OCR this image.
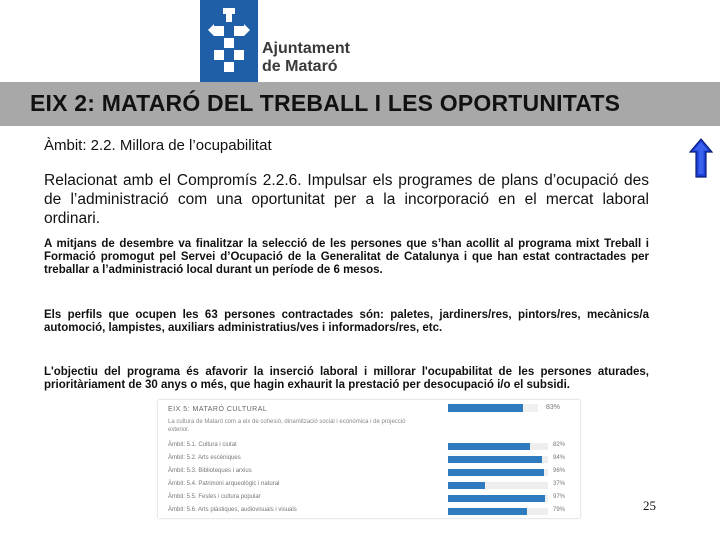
Ajuntament
de Mataró
EIX 2: MATARÓ DEL TREBALL I LES OPORTUNITATS
Àmbit: 2.2. Millora de l’ocupabilitat
Relacionat amb el Compromís 2.2.6. Impulsar els programes de plans d’ocupació des de l’administració com una oportunitat per a la incorporació en el mercat laboral ordinari.
A mitjans de desembre va finalitzar la selecció de les persones que s’han acollit al programa mixt Treball i Formació promogut pel Servei d’Ocupació de la Generalitat de Catalunya i que han estat contractades per treballar a l’administració local durant un període de 6 mesos.
Els perfils que ocupen les 63 persones contractades són: paletes, jardiners/res, pintors/res, mecànics/a automoció, lampistes, auxiliars administratius/ves i informadors/res, etc.
L'objectiu del programa és afavorir la inserció laboral i millorar l'ocupabilitat de les persones aturades, prioritàriament de 30 anys o més, que hagin exhaurit la prestació per desocupació i/o el subsidi.
EIX 5: MATARÓ CULTURAL	83%
La cultura de Mataró com a eix de cohesió, dinamització social i econòmica i de projecció exterior.
Àmbit: 5.1. Cultura i ciutat	82%
Àmbit: 5.2. Arts escèniques	94%
Àmbit: 5.3. Biblioteques i arxius	96%
Àmbit: 5.4. Patrimoni arqueològic i natural	37%
Àmbit: 5.5. Festes i cultura popular	97%
Àmbit: 5.6. Arts plàstiques, audiovisuals i visuals	79%	25
